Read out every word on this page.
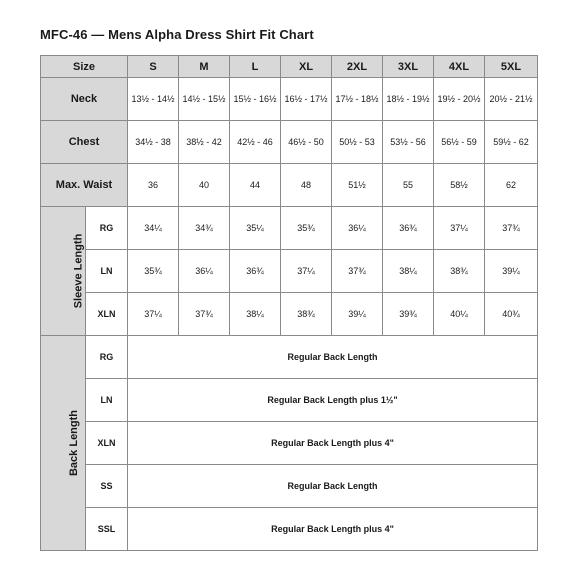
MFC-46 — Mens Alpha Dress Shirt Fit Chart
Size		S	M	L	XL	2XL	3XL	4XL	5XL
Neck		13½ - 14½	14½ - 15½	15½ - 16½	16½ - 17½	17½ - 18½	18½ - 19½	19½ - 20½	20½ - 21½
Chest		34½ - 38	38½ - 42	42½ - 46	46½ - 50	50½ - 53	53½ - 56	56½ - 59	59½ - 62
Max. Waist		36	40	44	48	51½	55	58½	62
Sleeve Length	RG	34¼	34¾	35¼	35¾	36¼	36¾	37¼	37¾
	LN	35¾	36¼	36¾	37¼	37¾	38¼	38¾	39¼
	XLN	37¼	37¾	38¼	38¾	39¼	39¾	40¼	40¾
Back Length	RG	Regular Back Length							
	LN	Regular Back Length plus 1½"							
	XLN	Regular Back Length plus 4"							
	SS	Regular Back Length							
	SSL	Regular Back Length plus 4"							
